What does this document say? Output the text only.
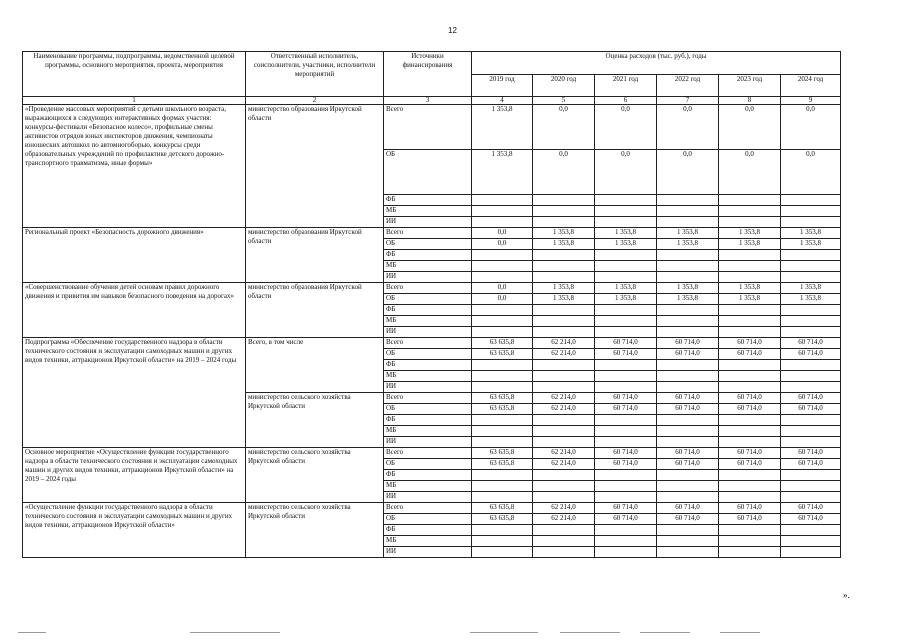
12
Наименование программы, подпрограммы, ведомственной целевой программы, основного мероприятия, проекта, мероприятия	Ответственный исполнитель, соисполнители, участники, исполнители мероприятий	Источники финансирования	Оценка расходов (тыс. руб.), годы					
			2019 год	2020 год	2021 год	2022 год	2023 год	2024 год
1	2	3	4	5	6	7	8	9
«Проведение массовых мероприятий с детьми школьного возраста, выражающихся в следующих интерактивных формах участия: конкурсы-фестивали «Безопасное колесо», профильные смены активистов отрядов юных инспекторов движения, чемпионаты юношеских автошкол по автомногоборью, конкурсы среди образовательных учреждений по профилактике детского дорожно-транспортного травматизма, иные формы»	министерство образования Иркутской области	Всего	1 353,8	0,0	0,0	0,0	0,0	0,0
		ОБ	1 353,8	0,0	0,0	0,0	0,0	0,0
		ФБ						
		МБ						
		ИИ						
Региональный проект «Безопасность дорожного движения»	министерство образования Иркутской области	Всего	0,0	1 353,8	1 353,8	1 353,8	1 353,8	1 353,8
		ОБ	0,0	1 353,8	1 353,8	1 353,8	1 353,8	1 353,8
		ФБ						
		МБ						
		ИИ						
«Совершенствование обучения детей основам правил дорожного движения и привития им навыков безопасного поведения на дорогах»	министерство образования Иркутской области	Всего	0,0	1 353,8	1 353,8	1 353,8	1 353,8	1 353,8
		ОБ	0,0	1 353,8	1 353,8	1 353,8	1 353,8	1 353,8
		ФБ						
		МБ						
		ИИ						
Подпрограмма «Обеспечение государственного надзора в области технического состояния и эксплуатации самоходных машин и других видов техники, аттракционов Иркутской области» на 2019 – 2024 годы	Всего, в том числе	Всего	63 635,8	62 214,0	60 714,0	60 714,0	60 714,0	60 714,0
		ОБ	63 635,8	62 214,0	60 714,0	60 714,0	60 714,0	60 714,0
		ФБ						
		МБ						
		ИИ						
	министерство сельского хозяйства Иркутской области	Всего	63 635,8	62 214,0	60 714,0	60 714,0	60 714,0	60 714,0
		ОБ	63 635,8	62 214,0	60 714,0	60 714,0	60 714,0	60 714,0
		ФБ						
		МБ						
		ИИ						
Основное мероприятие «Осуществление функции государственного надзора в области технического состояния и эксплуатации самоходных машин и других видов техники, аттракционов Иркутской области» на 2019 – 2024 годы	министерство сельского хозяйства Иркутской области	Всего	63 635,8	62 214,0	60 714,0	60 714,0	60 714,0	60 714,0
		ОБ	63 635,8	62 214,0	60 714,0	60 714,0	60 714,0	60 714,0
		ФБ						
		МБ						
		ИИ						
«Осуществление функции государственного надзора в области технического состояния и эксплуатации самоходных машин и других видов техники, аттракционов Иркутской области»	министерство сельского хозяйства Иркутской области	Всего	63 635,8	62 214,0	60 714,0	60 714,0	60 714,0	60 714,0
		ОБ	63 635,8	62 214,0	60 714,0	60 714,0	60 714,0	60 714,0
		ФБ						
		МБ						
		ИИ						
».
